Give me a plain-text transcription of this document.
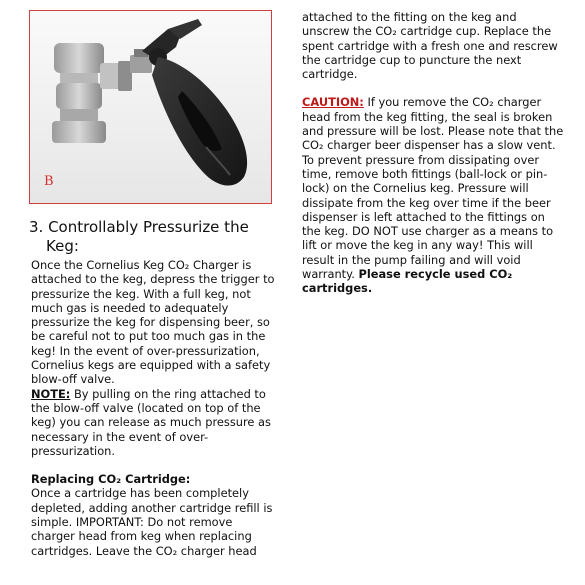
B
3. Controllably Pressurize the
Keg:

Once the Cornelius Keg CO₂ Charger is attached to the keg, depress the trigger to pressurize the keg. With a full keg, not much gas is needed to adequately pressurize the keg for dispensing beer, so be careful not to put too much gas in the keg! In the event of over-pressurization, Cornelius kegs are equipped with a safety blow-off valve.

NOTE: By pulling on the ring attached to the blow-off valve (located on top of the keg) you can release as much pressure as necessary in the event of over-pressurization.

Replacing CO₂ Cartridge:

Once a cartridge has been completely depleted, adding another cartridge refill is simple. IMPORTANT: Do not remove charger head from keg when replacing cartridges. Leave the CO₂ charger head

attached to the fitting on the keg and unscrew the CO₂ cartridge cup. Replace the spent cartridge with a fresh one and rescrew the cartridge cup to puncture the next cartridge.

CAUTION: If you remove the CO₂ charger head from the keg fitting, the seal is broken and pressure will be lost. Please note that the CO₂ charger beer dispenser has a slow vent. To prevent pressure from dissipating over time, remove both fittings (ball-lock or pin-lock) on the Cornelius keg. Pressure will dissipate from the keg over time if the beer dispenser is left attached to the fittings on the keg. DO NOT use charger as a means to lift or move the keg in any way! This will result in the pump failing and will void warranty. Please recycle used CO₂ cartridges.
